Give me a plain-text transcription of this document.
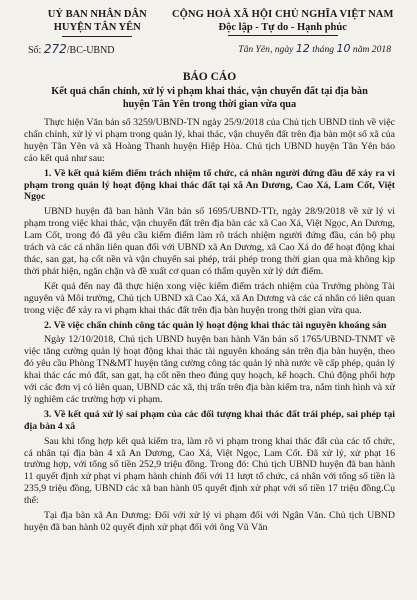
UỶ BAN NHÂN DÂN
HUYỆN TÂN YÊN
Số: 272/BC-UBND
CỘNG HOÀ XÃ HỘI CHỦ NGHĨA VIỆT NAM
Độc lập - Tự do - Hạnh phúc
Tân Yên, ngày 12 tháng 10 năm 2018
BÁO CÁO
Kết quả chấn chỉnh, xử lý vi phạm khai thác, vận chuyển đất tại địa bàn huyện Tân Yên trong thời gian vừa qua

Thực hiện Văn bản số 3259/UBND-TN ngày 25/9/2018 của Chủ tịch UBND tỉnh về việc chấn chỉnh, xử lý vi phạm trong quản lý, khai thác, vận chuyển đất trên địa bàn một số xã của huyện Tân Yên và xã Hoàng Thanh huyện Hiệp Hòa. Chủ tịch UBND huyện Tân Yên báo cáo kết quả như sau:

1. Về kết quả kiểm điểm trách nhiệm tổ chức, cá nhân người đứng đầu để xảy ra vi phạm trong quản lý hoạt động khai thác đất tại xã An Dương, Cao Xá, Lam Cốt, Việt Ngọc

UBND huyện đã ban hành Văn bản số 1695/UBND-TTr, ngày 28/9/2018 về xử lý vi phạm trong việc khai thác, vận chuyển đất trên địa bàn các xã Cao Xá, Việt Ngọc, An Dương, Lam Cốt, trong đó đã yêu cầu kiểm điểm làm rõ trách nhiệm người đứng đầu, cán bộ phụ trách và các cá nhân liên quan đối với UBND xã An Dương, xã Cao Xá do để hoạt động khai thác, san gạt, hạ cốt nền và vận chuyển sai phép, trái phép trong thời gian qua mà không kịp thời phát hiện, ngăn chặn và đề xuất cơ quan có thẩm quyền xử lý dứt điểm.

Kết quả đến nay đã thực hiện xong việc kiểm điểm trách nhiệm của Trưởng phòng Tài nguyên và Môi trường, Chủ tịch UBND xã Cao Xá, xã An Dương và các cá nhân có liên quan trong việc để xảy ra vi phạm khai thác đất trên địa bàn huyện trong thời gian vừa qua.

2. Về việc chấn chỉnh công tác quản lý hoạt động khai thác tài nguyên khoáng sản

Ngày 12/10/2018, Chủ tịch UBND huyện ban hành Văn bản số 1765/UBND-TNMT về việc tăng cường quản lý hoạt động khai thác tài nguyên khoáng sản trên địa bàn huyện, theo đó yêu cầu Phòng TN&MT huyện tăng cường công tác quản lý nhà nước về cấp phép, quản lý khai thác các mỏ đất, san gạt, hạ cốt nền theo đúng quy hoạch, kế hoạch. Chủ động phối hợp với các đơn vị có liên quan, UBND các xã, thị trấn trên địa bàn kiểm tra, nắm tình hình và xử lý nghiêm các trường hợp vi phạm.

3. Về kết quả xử lý sai phạm của các đối tượng khai thác đất trái phép, sai phép tại địa bàn 4 xã

Sau khi tổng hợp kết quả kiểm tra, làm rõ vi phạm trong khai thác đất của các tổ chức, cá nhân tại địa bàn 4 xã An Dương, Cao Xá, Việt Ngọc, Lam Cốt. Đã xử lý, xử phạt 16 trường hợp, với tổng số tiền 252,9 triệu đồng. Trong đó: Chủ tịch UBND huyện đã ban hành 11 quyết định xử phạt vi phạm hành chính đối với 11 lượt tổ chức, cá nhân với tổng số tiền là 235,9 triệu đồng, UBND các xã ban hành 05 quyết định xử phạt với số tiền 17 triệu đồng.Cụ thể:

Tại địa bàn xã An Dương: Đối với xử lý vi phạm đối với Ngân Văn. Chủ tịch UBND huyện đã ban hành 02 quyết định xử phạt đối với ông Vũ Văn
